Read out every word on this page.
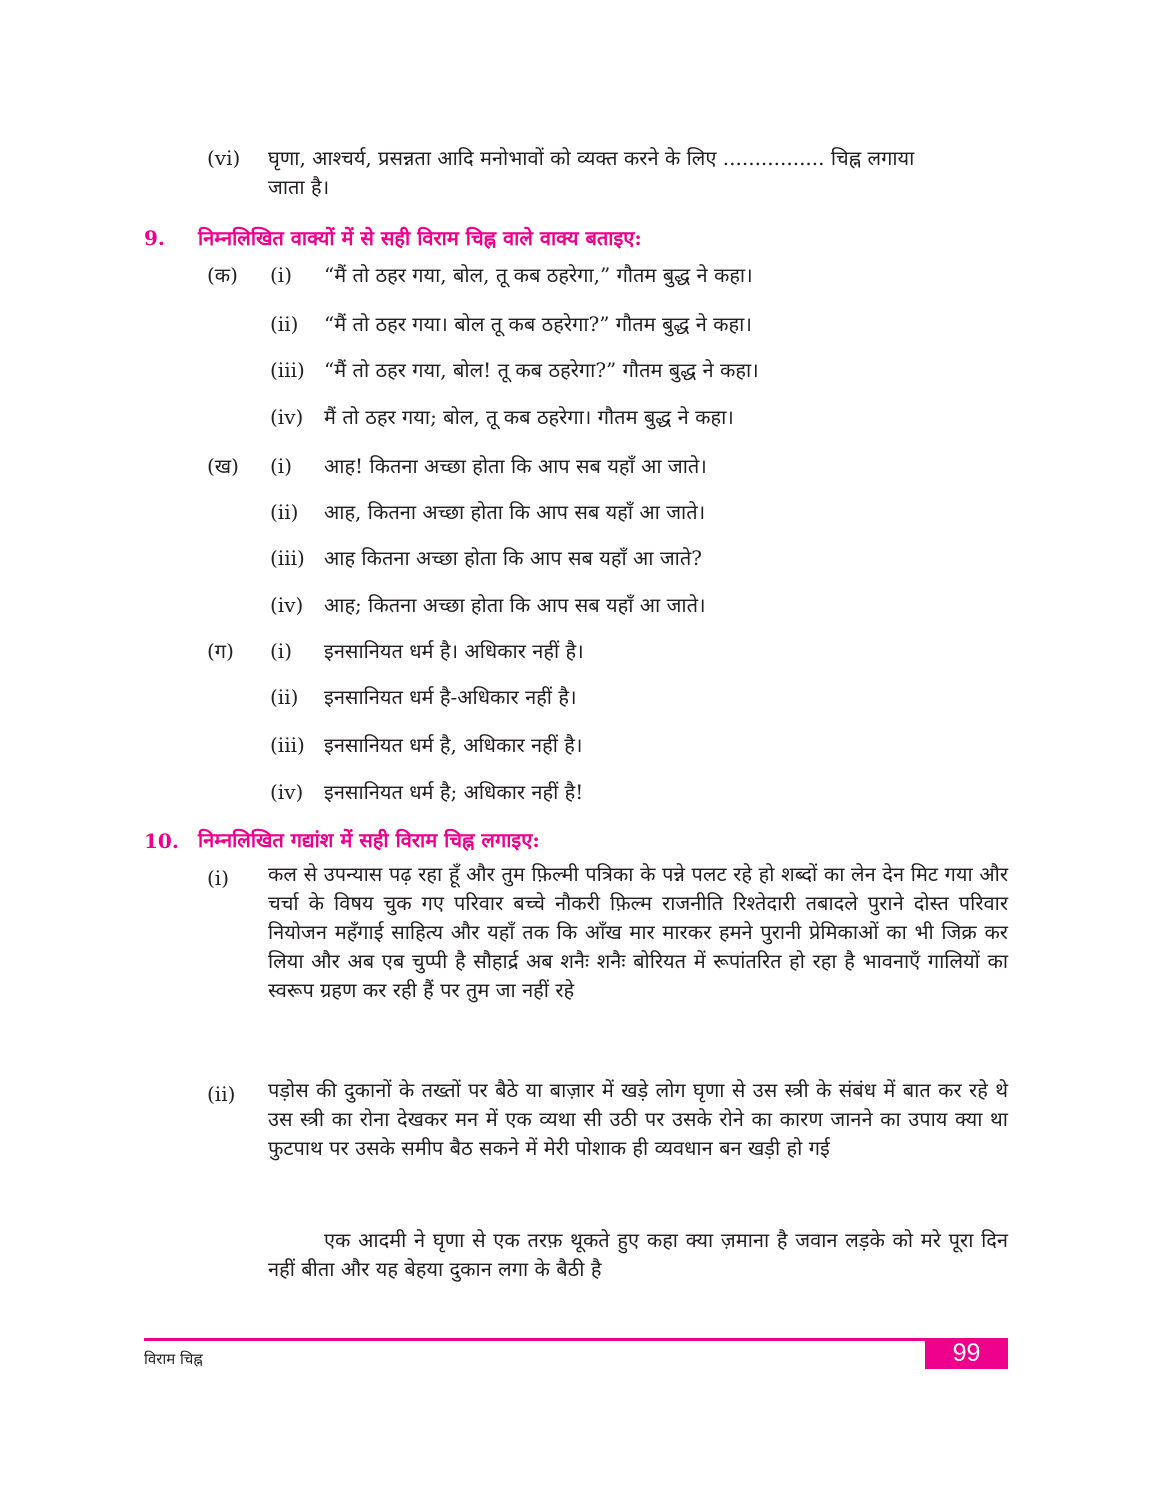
(vi) घृणा, आश्चर्य, प्रसन्नता आदि मनोभावों को व्यक्त करने के लिए ................ चिह्न लगाया
जाता है।
9. निम्नलिखित वाक्यों में से सही विराम चिह्न वाले वाक्य बताइए:
(क) (i) “मैं तो ठहर गया, बोल, तू कब ठहरेगा,” गौतम बुद्ध ने कहा।
(ii) “मैं तो ठहर गया। बोल तू कब ठहरेगा?” गौतम बुद्ध ने कहा।
(iii) “मैं तो ठहर गया, बोल! तू कब ठहरेगा?” गौतम बुद्ध ने कहा।
(iv) मैं तो ठहर गया; बोल, तू कब ठहरेगा। गौतम बुद्ध ने कहा।
(ख) (i) आह! कितना अच्छा होता कि आप सब यहाँ आ जाते।
(ii) आह, कितना अच्छा होता कि आप सब यहाँ आ जाते।
(iii) आह कितना अच्छा होता कि आप सब यहाँ आ जाते?
(iv) आह; कितना अच्छा होता कि आप सब यहाँ आ जाते।
(ग) (i) इनसानियत धर्म है। अधिकार नहीं है।
(ii) इनसानियत धर्म है-अधिकार नहीं है।
(iii) इनसानियत धर्म है, अधिकार नहीं है।
(iv) इनसानियत धर्म है; अधिकार नहीं है!
10. निम्नलिखित गद्यांश में सही विराम चिह्न लगाइए:
(i) कल से उपन्यास पढ़ रहा हूँ और तुम फ़िल्मी पत्रिका के पन्ने पलट रहे हो शब्दों का लेन देन मिट गया और चर्चा के विषय चुक गए परिवार बच्चे नौकरी फ़िल्म राजनीति रिश्तेदारी तबादले पुराने दोस्त परिवार नियोजन महँगाई साहित्य और यहाँ तक कि आँख मार मारकर हमने पुरानी प्रेमिकाओं का भी जिक्र कर लिया और अब एब चुप्पी है सौहार्द्र अब शनैः शनैः बोरियत में रूपांतरित हो रहा है भावनाएँ गालियों का स्वरूप ग्रहण कर रही हैं पर तुम जा नहीं रहे
(ii) पड़ोस की दुकानों के तख्तों पर बैठे या बाज़ार में खड़े लोग घृणा से उस स्त्री के संबंध में बात कर रहे थे उस स्त्री का रोना देखकर मन में एक व्यथा सी उठी पर उसके रोने का कारण जानने का उपाय क्या था फुटपाथ पर उसके समीप बैठ सकने में मेरी पोशाक ही व्यवधान बन खड़ी हो गई
एक आदमी ने घृणा से एक तरफ़ थूकते हुए कहा क्या ज़माना है जवान लड़के को मरे पूरा दिन नहीं बीता और यह बेहया दुकान लगा के बैठी है
विराम चिह्न	99
